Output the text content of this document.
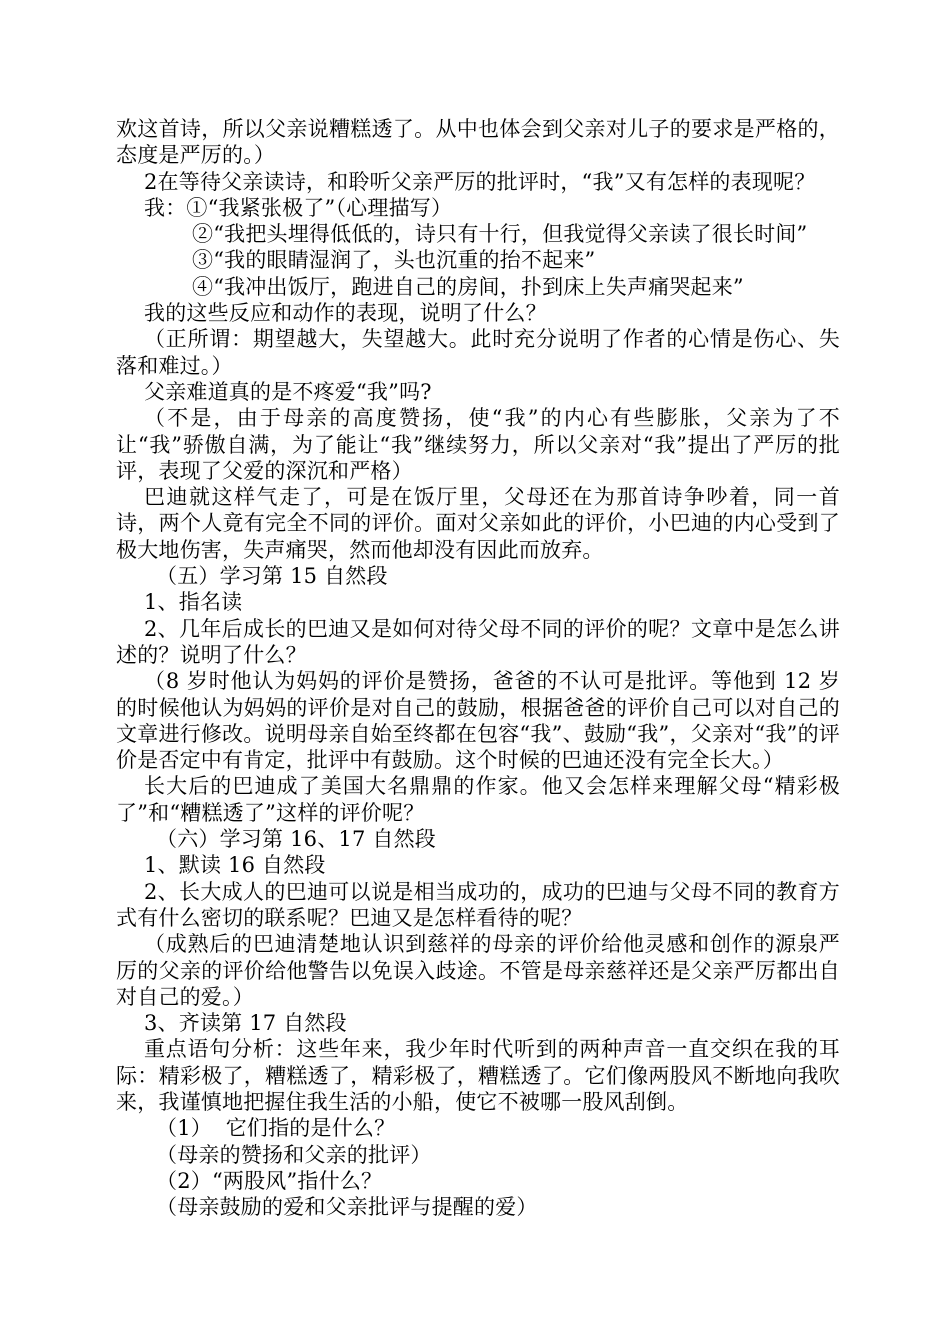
欢这首诗，所以父亲说糟糕透了。从中也体会到父亲对儿子的要求是严格的，态度是严厉的。）

2在等待父亲读诗，和聆听父亲严厉的批评时，“我”又有怎样的表现呢？

我：①“我紧张极了”（心理描写）

②“我把头埋得低低的，诗只有十行，但我觉得父亲读了很长时间”

③“我的眼睛湿润了，头也沉重的抬不起来”

④“我冲出饭厅，跑进自己的房间，扑到床上失声痛哭起来”

我的这些反应和动作的表现，说明了什么？

（正所谓：期望越大，失望越大。此时充分说明了作者的心情是伤心、失落和难过。）

父亲难道真的是不疼爱“我”吗?

（不是，由于母亲的高度赞扬，使“我”的内心有些膨胀，父亲为了不让“我”骄傲自满，为了能让“我”继续努力，所以父亲对“我”提出了严厉的批评，表现了父爱的深沉和严格）

巴迪就这样气走了，可是在饭厅里，父母还在为那首诗争吵着，同一首诗，两个人竟有完全不同的评价。面对父亲如此的评价，小巴迪的内心受到了极大地伤害，失声痛哭，然而他却没有因此而放弃。

（五）学习第 15 自然段

1、指名读

2、几年后成长的巴迪又是如何对待父母不同的评价的呢？文章中是怎么讲述的？说明了什么？

（8 岁时他认为妈妈的评价是赞扬，爸爸的不认可是批评。等他到 12 岁的时候他认为妈妈的评价是对自己的鼓励，根据爸爸的评价自己可以对自己的文章进行修改。说明母亲自始至终都在包容“我”、鼓励“我”，父亲对“我”的评价是否定中有肯定，批评中有鼓励。这个时候的巴迪还没有完全长大。）

长大后的巴迪成了美国大名鼎鼎的作家。他又会怎样来理解父母“精彩极了”和“糟糕透了”这样的评价呢？

（六）学习第 16、17 自然段

1、默读 16 自然段

2、长大成人的巴迪可以说是相当成功的，成功的巴迪与父母不同的教育方式有什么密切的联系呢？巴迪又是怎样看待的呢？

（成熟后的巴迪清楚地认识到慈祥的母亲的评价给他灵感和创作的源泉严厉的父亲的评价给他警告以免误入歧途。不管是母亲慈祥还是父亲严厉都出自对自己的爱。）

3、齐读第 17 自然段

重点语句分析：这些年来，我少年时代听到的两种声音一直交织在我的耳际：精彩极了，糟糕透了，精彩极了，糟糕透了。它们像两股风不断地向我吹来，我谨慎地把握住我生活的小船，使它不被哪一股风刮倒。

（1）  它们指的是什么？

（母亲的赞扬和父亲的批评）

（2）“两股风”指什么？

（母亲鼓励的爱和父亲批评与提醒的爱）
